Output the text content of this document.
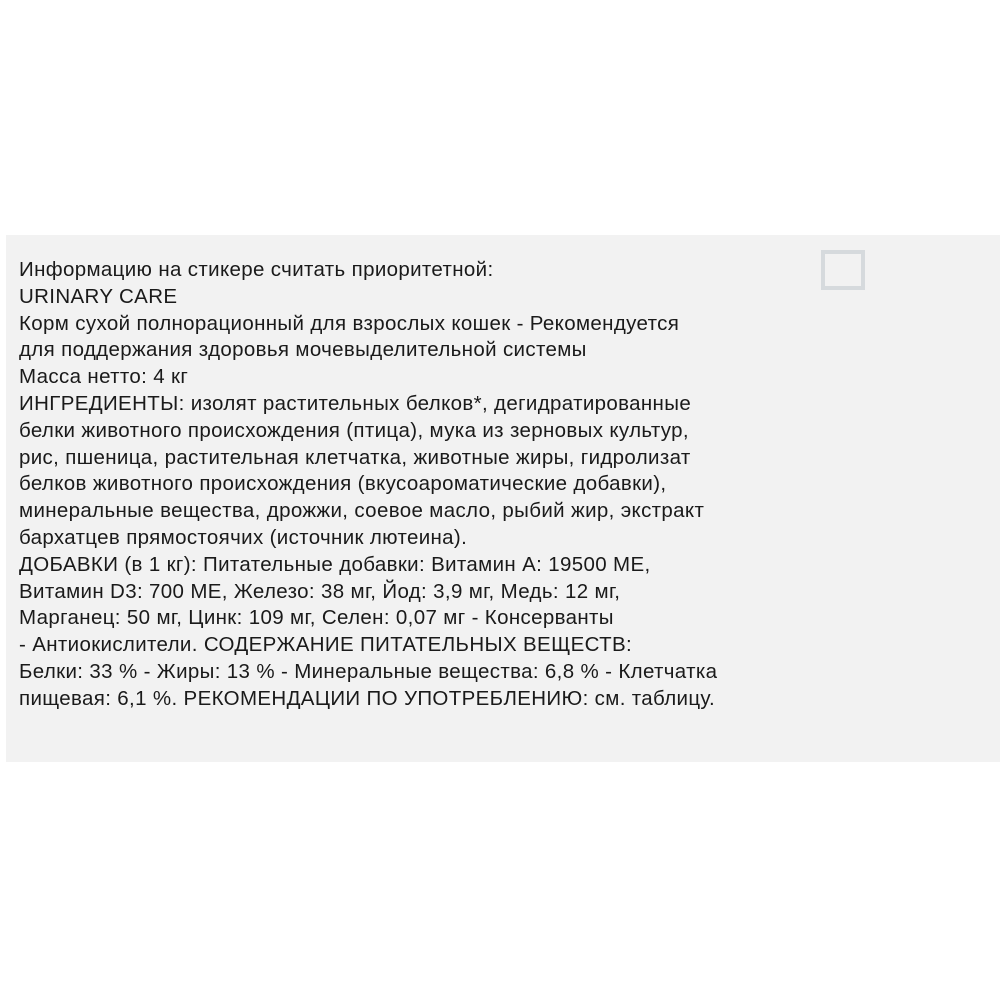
Информацию на стикере считать приоритетной:
URINARY CARE
Корм сухой полнорационный для взрослых кошек - Рекомендуется
для поддержания здоровья мочевыделительной системы
Масса нетто: 4 кг
ИНГРЕДИЕНТЫ: изолят растительных белков*, дегидратированные
белки животного происхождения (птица), мука из зерновых культур,
рис, пшеница, растительная клетчатка, животные жиры, гидролизат
белков животного происхождения (вкусоароматические добавки),
минеральные вещества, дрожжи, соевое масло, рыбий жир, экстракт
бархатцев прямостоячих (источник лютеина).
ДОБАВКИ (в 1 кг): Питательные добавки: Витамин А: 19500 МЕ,
Витамин D3: 700 МЕ, Железо: 38 мг, Йод: 3,9 мг, Медь: 12 мг,
Марганец: 50 мг, Цинк: 109 мг, Селен: 0,07 мг - Консерванты
- Антиокислители. СОДЕРЖАНИЕ ПИТАТЕЛЬНЫХ ВЕЩЕСТВ:
Белки: 33 % - Жиры: 13 % - Минеральные вещества: 6,8 % - Клетчатка
пищевая: 6,1 %. РЕКОМЕНДАЦИИ ПО УПОТРЕБЛЕНИЮ: см. таблицу.
